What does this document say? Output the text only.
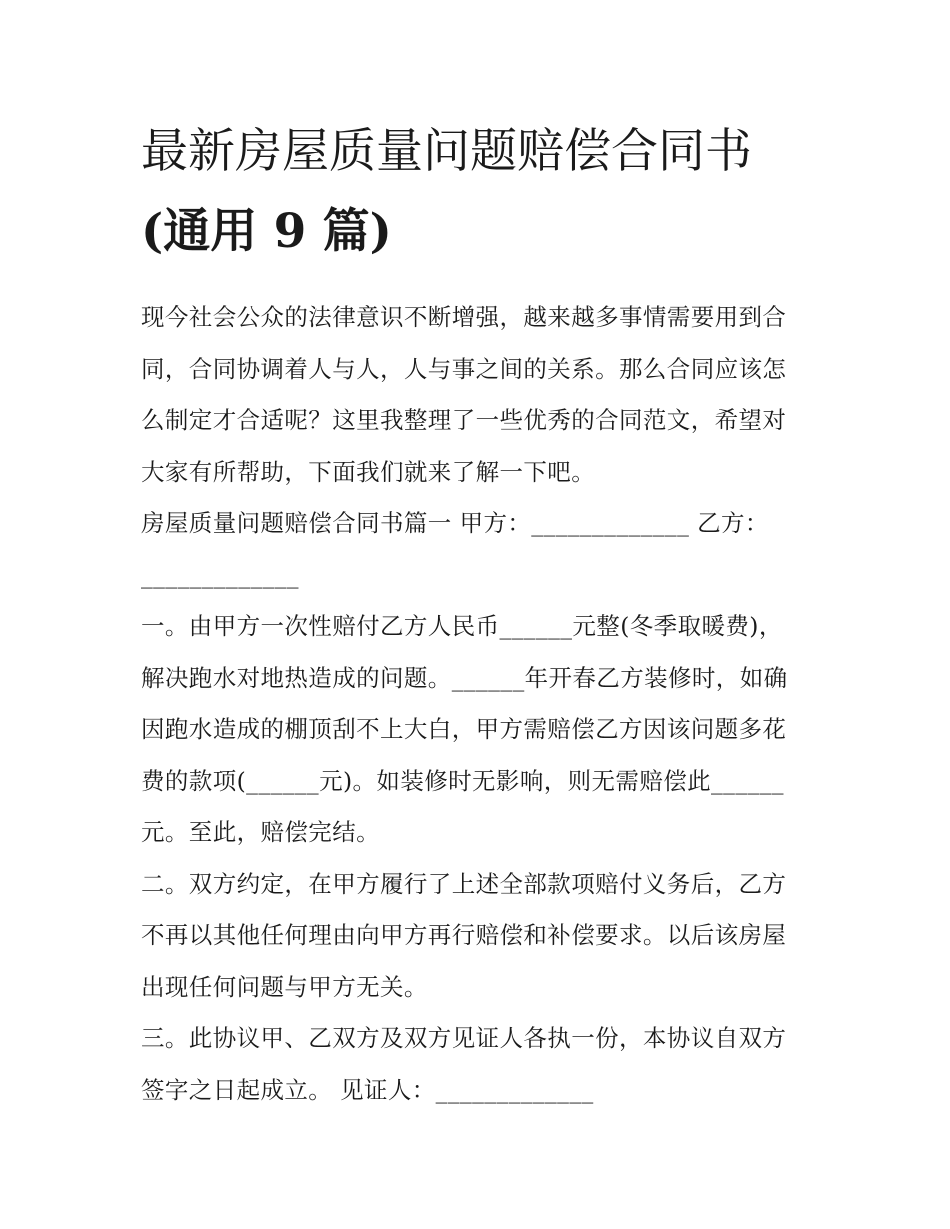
最新房屋质量问题赔偿合同书
(通用 9 篇)

现今社会公众的法律意识不断增强，越来越多事情需要用到合

同，合同协调着人与人，人与事之间的关系。那么合同应该怎

么制定才合适呢？这里我整理了一些优秀的合同范文，希望对

大家有所帮助，下面我们就来了解一下吧。

房屋质量问题赔偿合同书篇一 甲方：_____________ 乙方：

_____________

一。由甲方一次性赔付乙方人民币______元整(冬季取暖费)，

解决跑水对地热造成的问题。______年开春乙方装修时，如确

因跑水造成的棚顶刮不上大白，甲方需赔偿乙方因该问题多花

费的款项(______元)。如装修时无影响，则无需赔偿此______

元。至此，赔偿完结。

二。双方约定，在甲方履行了上述全部款项赔付义务后，乙方

不再以其他任何理由向甲方再行赔偿和补偿要求。以后该房屋

出现任何问题与甲方无关。

三。此协议甲、乙双方及双方见证人各执一份，本协议自双方

签字之日起成立。 见证人：_____________
